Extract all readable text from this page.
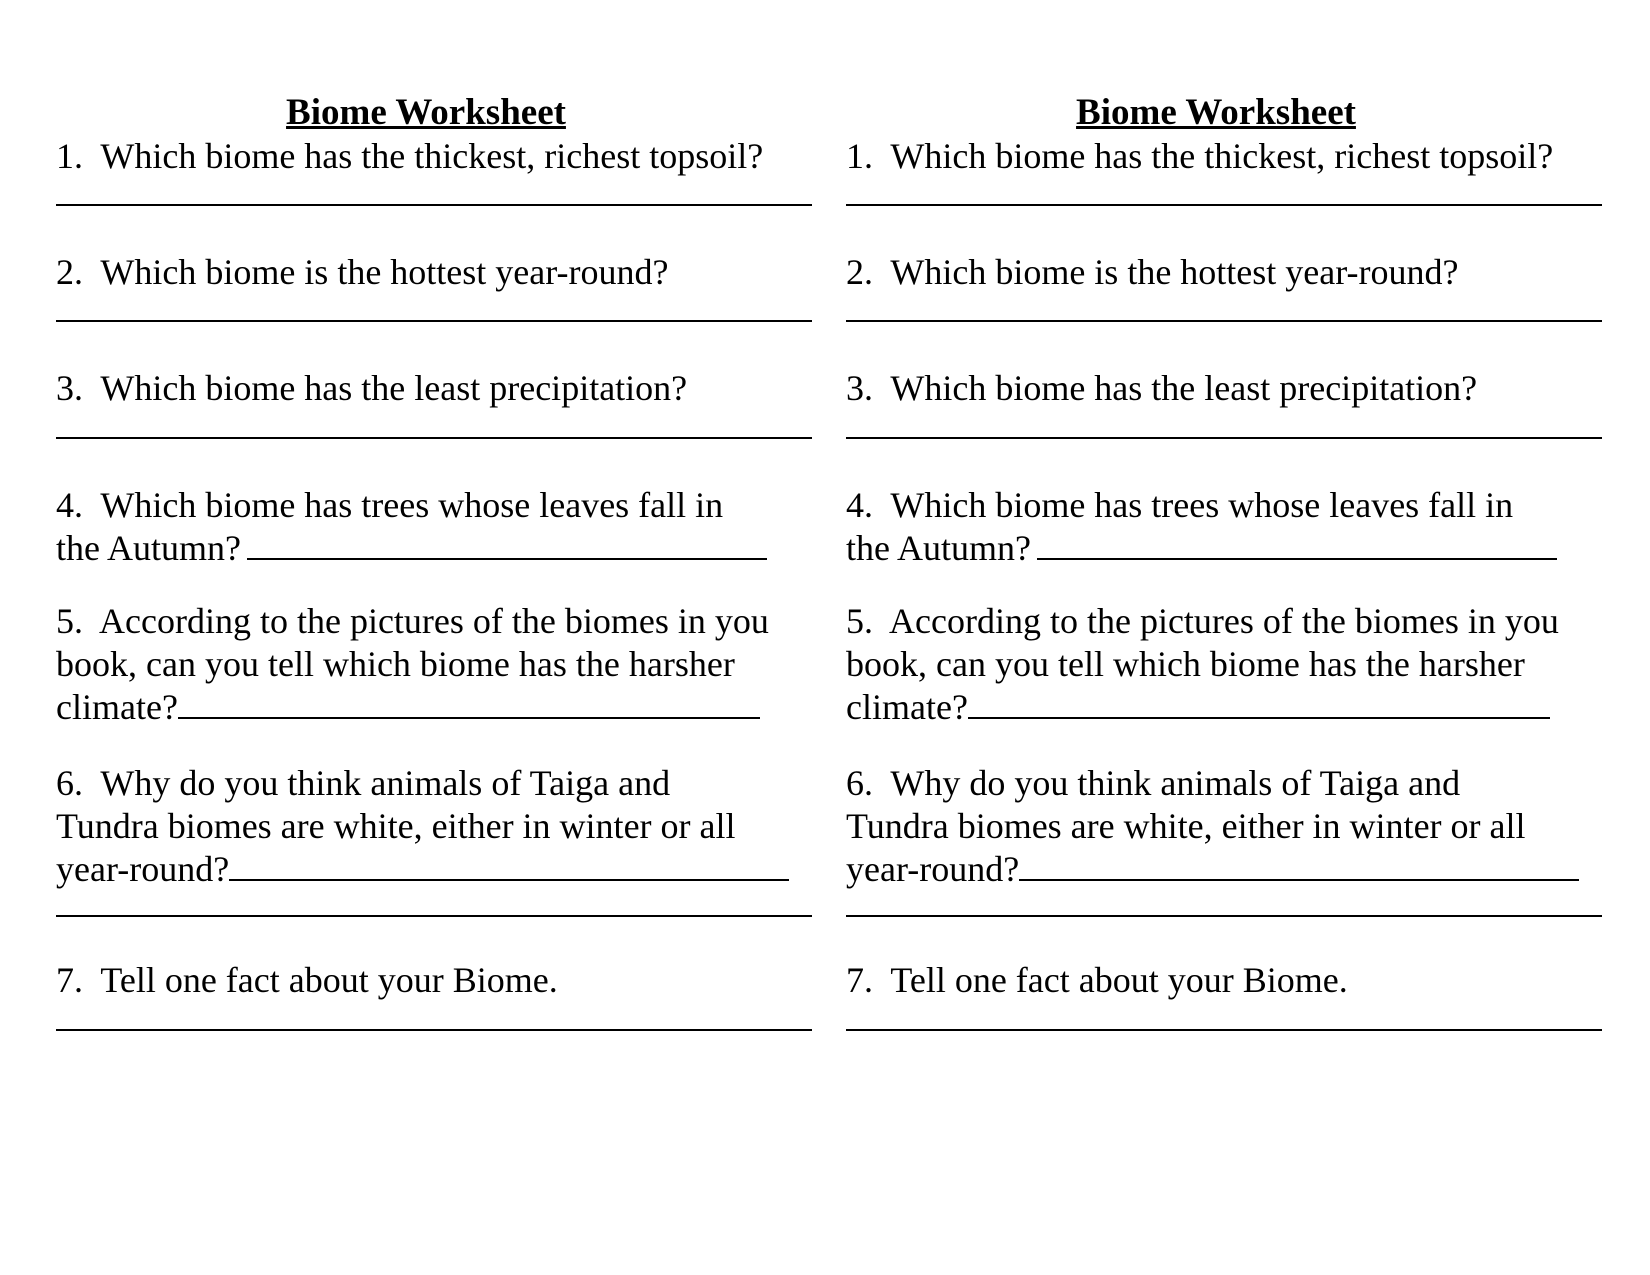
Biome Worksheet
1 . Which biome has the thickest, richest topsoil?
2 . Which biome is the hottest year-round?
3 . Which biome has the least precipitation?
4 . Which biome has trees whose leaves fall in
the Autumn?
5 . According to the pictures of the biomes in you
book, can you tell which biome has the harsher
climate?
6 . Why do you think animals of Taiga and
Tundra biomes are white, either in winter or all
year-round?
7 . Tell one fact about your Biome.
Biome Worksheet
1 . Which biome has the thickest, richest topsoil?
2 . Which biome is the hottest year-round?
3 . Which biome has the least precipitation?
4 . Which biome has trees whose leaves fall in
the Autumn?
5 . According to the pictures of the biomes in you
book, can you tell which biome has the harsher
climate?
6 . Why do you think animals of Taiga and
Tundra biomes are white, either in winter or all
year-round?
7 . Tell one fact about your Biome.
